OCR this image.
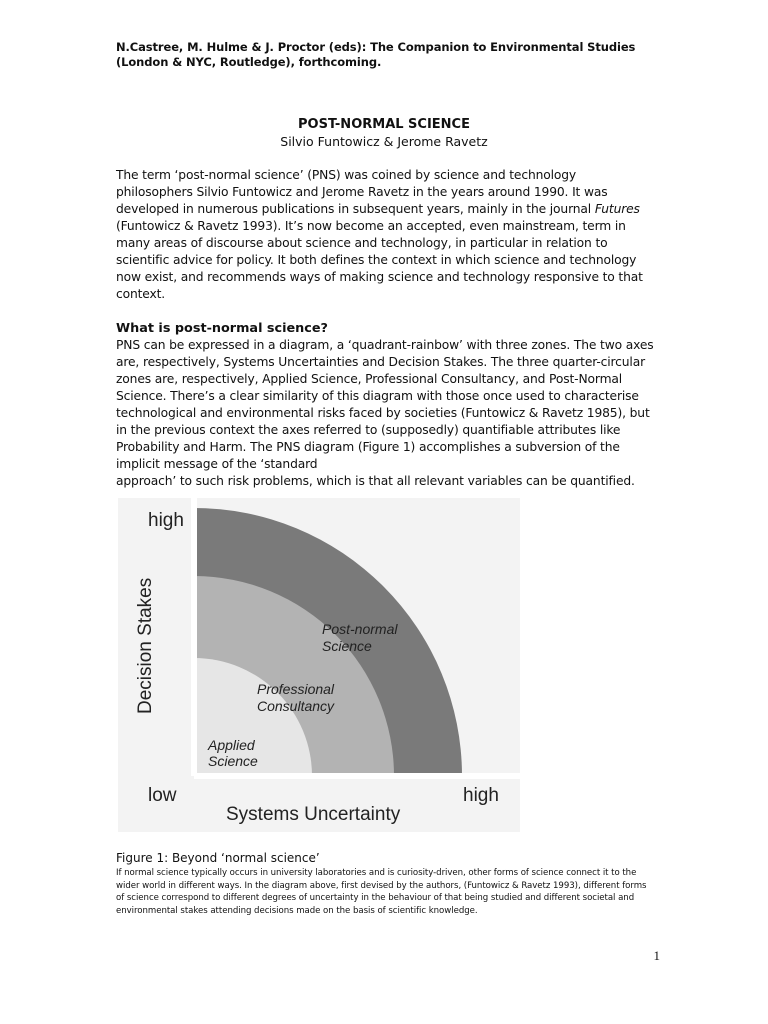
N.Castree, M. Hulme & J. Proctor (eds): The Companion to Environmental Studies
(London & NYC, Routledge), forthcoming.
POST-NORMAL SCIENCE
Silvio Funtowicz & Jerome Ravetz
The term ‘post-normal science’ (PNS) was coined by science and technology philosophers Silvio Funtowicz and Jerome Ravetz in the years around 1990. It was developed in numerous publications in subsequent years, mainly in the journal Futures (Funtowicz & Ravetz 1993). It’s now become an accepted, even mainstream, term in many areas of discourse about science and technology, in particular in relation to scientific advice for policy. It both defines the context in which science and technology now exist, and recommends ways of making science and technology responsive to that context.
What is post-normal science?
PNS can be expressed in a diagram, a ‘quadrant-rainbow’ with three zones. The two axes are, respectively, Systems Uncertainties and Decision Stakes. The three quarter-circular zones are, respectively, Applied Science, Professional Consultancy, and Post-Normal Science. There’s a clear similarity of this diagram with those once used to characterise technological and environmental risks faced by societies (Funtowicz & Ravetz 1985), but in the previous context the axes referred to (supposedly) quantifiable attributes like Probability and Harm. The PNS diagram (Figure 1) accomplishes a subversion of the implicit message of the ‘standard approach’ to such risk problems, which is that all relevant variables can be quantified.
high
low	high
Systems Uncertainty
Decision Stakes	Post-normal
Science
Professional
Consultancy
Applied
Science
Figure 1: Beyond ‘normal science’
If normal science typically occurs in university laboratories and is curiosity-driven, other forms of science connect it to the wider world in different ways. In the diagram above, first devised by the authors, (Funtowicz & Ravetz 1993), different forms of science correspond to different degrees of uncertainty in the behaviour of that being studied and different societal and environmental stakes attending decisions made on the basis of scientific knowledge.
1
